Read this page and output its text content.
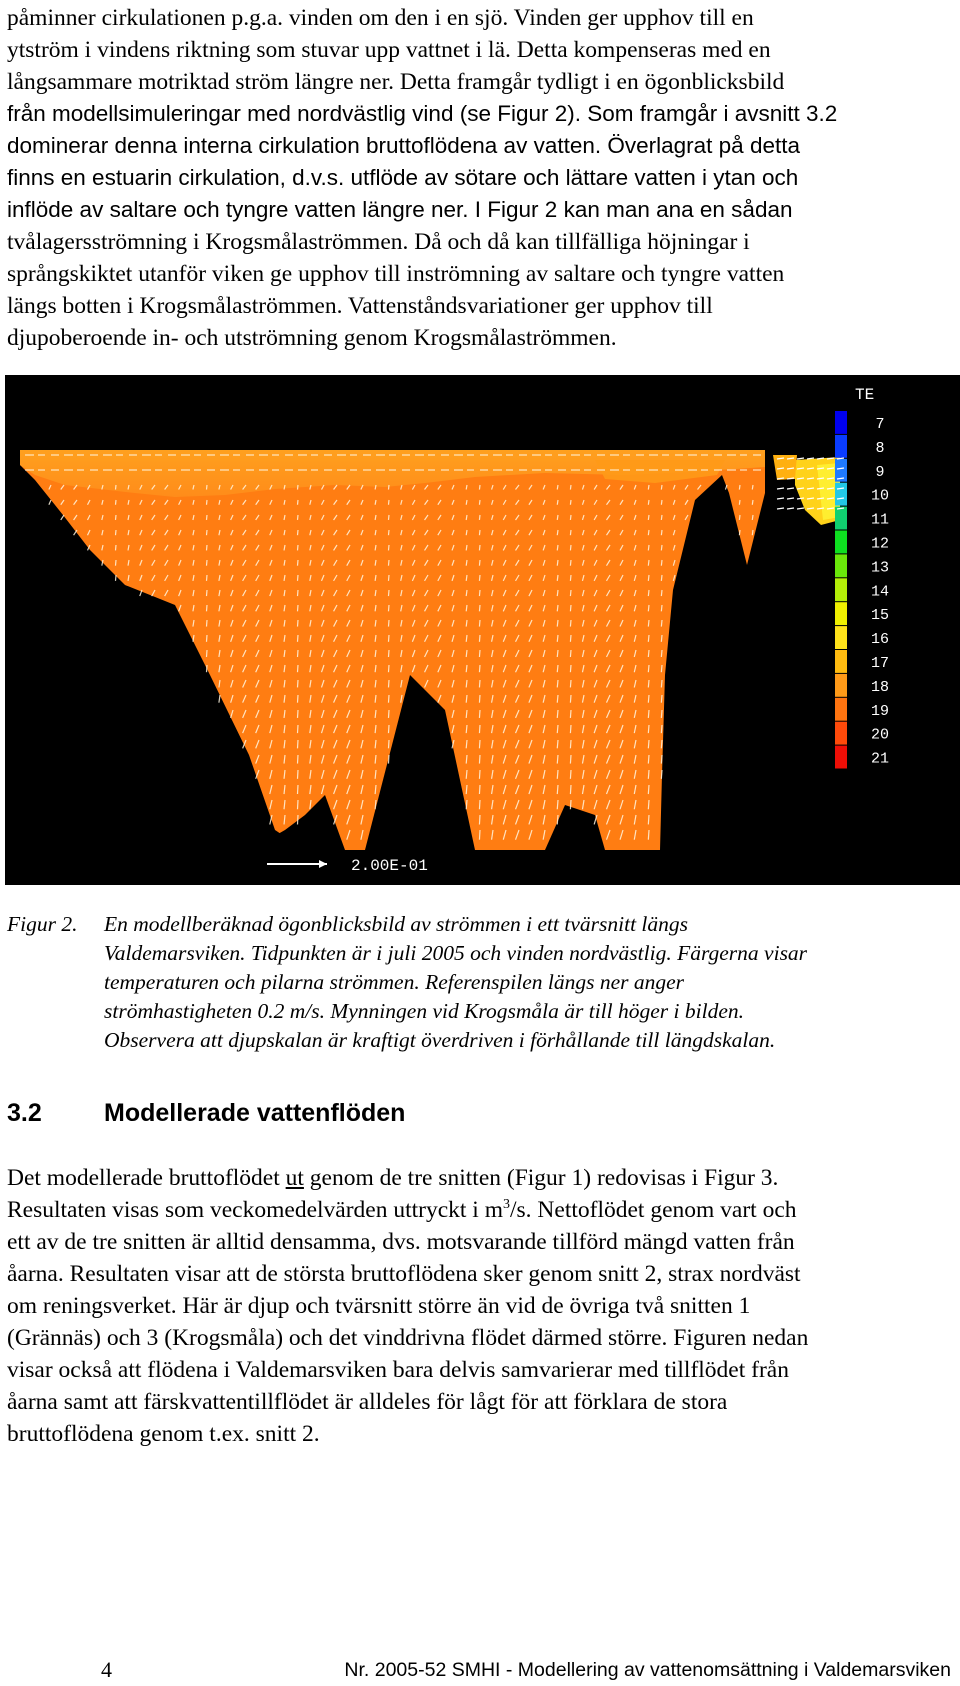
påminner cirkulationen p.g.a. vinden om den i en sjö. Vinden ger upphov till en
ytström i vindens riktning som stuvar upp vattnet i lä. Detta kompenseras med en
långsammare motriktad ström längre ner. Detta framgår tydligt i en ögonblicksbild
från modellsimuleringar med nordvästlig vind (se Figur 2). Som framgår i avsnitt 3.2
dominerar denna interna cirkulation bruttoflödena av vatten. Överlagrat på detta
finns en estuarin cirkulation, d.v.s. utflöde av sötare och lättare vatten i ytan och
inflöde av saltare och tyngre vatten längre ner. I Figur 2 kan man ana en sådan
tvålagersströmning i Krogsmålaströmmen. Då och då kan tillfälliga höjningar i
språngskiktet utanför viken ge upphov till inströmning av saltare och tyngre vatten
längs botten i Krogsmålaströmmen. Vattenståndsvariationer ger upphov till
djupoberoende in- och utströmning genom Krogsmålaströmmen.
2.00E-01
TE
7
8
9
10
11
12
13
14
15
16
17
18
19
20
21
Figur 2. En modellberäknad ögonblicksbild av strömmen i ett tvärsnitt längs
Valdemarsviken. Tidpunkten är i juli 2005 och vinden nordvästlig. Färgerna visar
temperaturen och pilarna strömmen. Referenspilen längs ner anger
strömhastigheten 0.2 m/s. Mynningen vid Krogsmåla är till höger i bilden.
Observera att djupskalan är kraftigt överdriven i förhållande till längdskalan.
3.2 Modellerade vattenflöden
Det modellerade bruttoflödet ut genom de tre snitten (Figur 1) redovisas i Figur 3.
Resultaten visas som veckomedelvärden uttryckt i $m^3/s$. Nettoflödet genom vart och
ett av de tre snitten är alltid densamma, dvs. motsvarande tillförd mängd vatten från
åarna. Resultaten visar att de största bruttoflödena sker genom snitt 2, strax nordväst
om reningsverket. Här är djup och tvärsnitt större än vid de övriga två snitten 1
(Grännäs) och 3 (Krogsmåla) och det vinddrivna flödet därmed större. Figuren nedan
visar också att flödena i Valdemarsviken bara delvis samvarierar med tillflödet från
åarna samt att färskvattentillflödet är alldeles för lågt för att förklara de stora
bruttoflödena genom t.ex. snitt 2.
4	Nr. 2005-52 SMHI - Modellering av vattenomsättning i Valdemarsviken
